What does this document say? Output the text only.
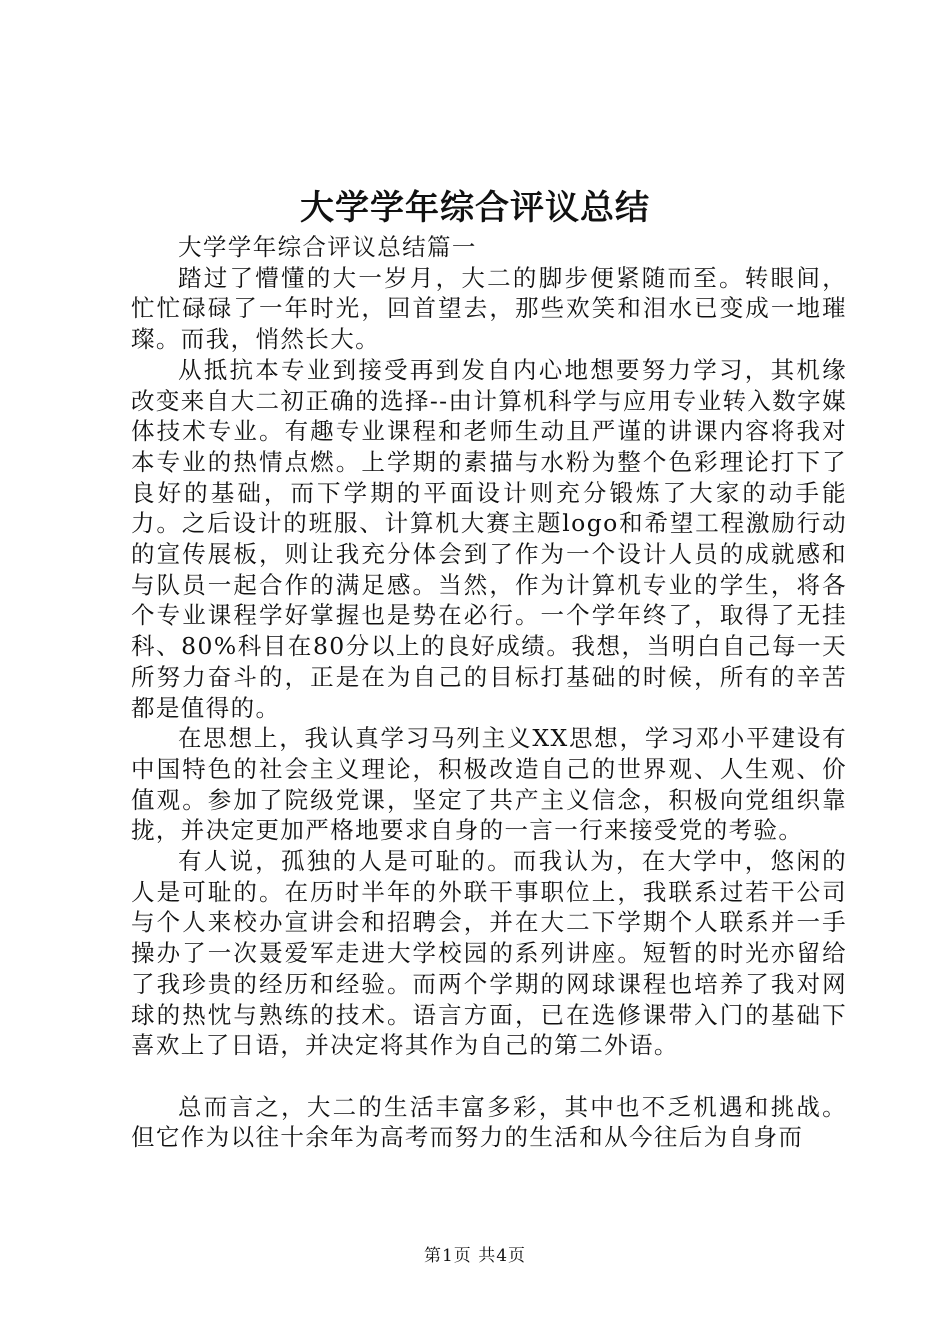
大学学年综合评议总结

大学学年综合评议总结篇一

踏过了懵懂的大一岁月，大二的脚步便紧随而至。转眼间，忙忙碌碌了一年时光，回首望去，那些欢笑和泪水已变成一地璀璨。而我，悄然长大。

从抵抗本专业到接受再到发自内心地想要努力学习，其机缘改变来自大二初正确的选择--由计算机科学与应用专业转入数字媒体技术专业。有趣专业课程和老师生动且严谨的讲课内容将我对本专业的热情点燃。上学期的素描与水粉为整个色彩理论打下了良好的基础，而下学期的平面设计则充分锻炼了大家的动手能力。之后设计的班服、计算机大赛主题logo和希望工程激励行动的宣传展板，则让我充分体会到了作为一个设计人员的成就感和与队员一起合作的满足感。当然，作为计算机专业的学生，将各个专业课程学好掌握也是势在必行。一个学年终了，取得了无挂科、80%科目在80分以上的良好成绩。我想，当明白自己每一天所努力奋斗的，正是在为自己的目标打基础的时候，所有的辛苦都是值得的。

在思想上，我认真学习马列主义XX思想，学习邓小平建设有中国特色的社会主义理论，积极改造自己的世界观、人生观、价值观。参加了院级党课，坚定了共产主义信念，积极向党组织靠拢，并决定更加严格地要求自身的一言一行来接受党的考验。

有人说，孤独的人是可耻的。而我认为，在大学中，悠闲的人是可耻的。在历时半年的外联干事职位上，我联系过若干公司与个人来校办宣讲会和招聘会，并在大二下学期个人联系并一手操办了一次聂爱军走进大学校园的系列讲座。短暂的时光亦留给了我珍贵的经历和经验。而两个学期的网球课程也培养了我对网球的热忱与熟练的技术。语言方面，已在选修课带入门的基础下喜欢上了日语，并决定将其作为自己的第二外语。

总而言之，大二的生活丰富多彩，其中也不乏机遇和挑战。但它作为以往十余年为高考而努力的生活和从今往后为自身而

第1页 共4页
